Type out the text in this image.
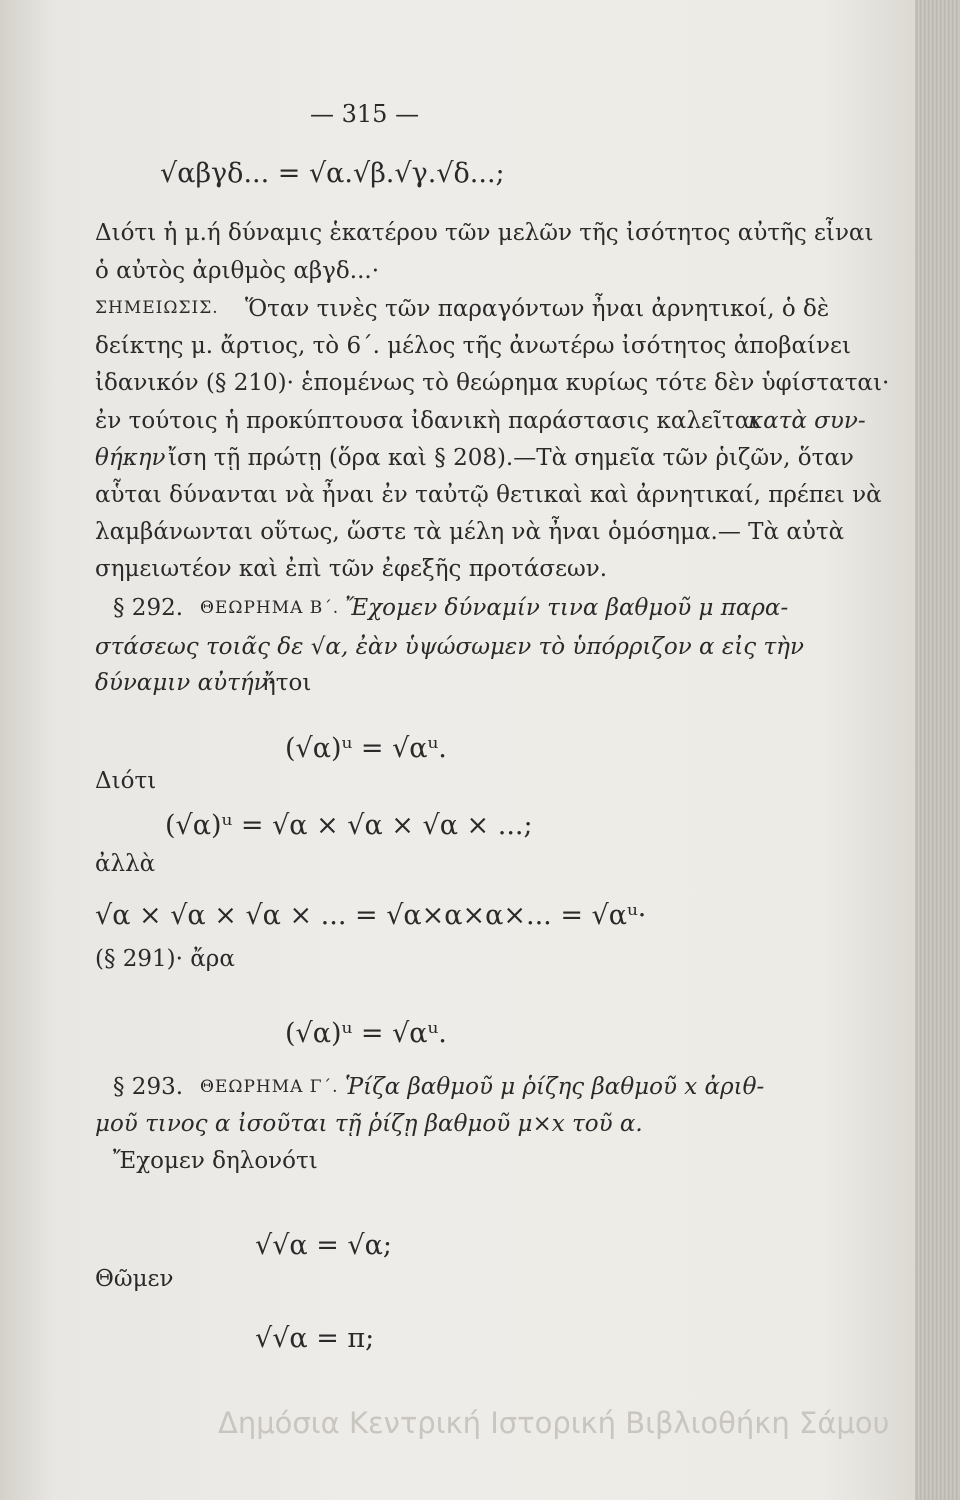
— 315 —
√αβγδ... = √α.√β.√γ.√δ...;
Διότι ἡ μ.ή δύναμις ἑκατέρου τῶν μελῶν τῆς ἰσότητος αὐτῆς εἶναι
ὁ αὐτὸς ἀριθμὸς αβγδ...·
ΣΗΜΕΙΩΣΙΣ. Ὅταν τινὲς τῶν παραγόντων ἦναι ἀρνητικοί, ὁ δὲ
δείκτης μ. ἄρτιος, τὸ 6΄. μέλος τῆς ἀνωτέρω ἰσότητος ἀποβαίνει
ἰδανικόν (§ 210)· ἑπομένως τὸ θεώρημα κυρίως τότε δὲν ὑφίσταται·
ἐν τούτοις ἡ προκύπτουσα ἰδανικὴ παράστασις καλεῖται
κατὰ συν-
θήκην ἴση τῇ πρώτῃ (ὅρα καὶ § 208).—Τὰ σημεῖα τῶν ῥιζῶν, ὅταν
αὗται δύνανται νὰ ἦναι ἐν ταὐτῷ θετικαὶ καὶ ἀρνητικαί, πρέπει νὰ
λαμβάνωνται οὕτως, ὥστε τὰ μέλη νὰ ἦναι ὁμόσημα.— Τὰ αὐτὰ
σημειωτέον καὶ ἐπὶ τῶν ἐφεξῆς προτάσεων.
§ 292. ΘΕΩΡΗΜΑ Β΄. Ἔχομεν δύναμίν τινα βαθμοῦ μ παρα-
στάσεως τοιᾶς δε √α, ἐὰν ὑψώσωμεν τὸ ὑπόρριζον α εἰς τὴν
δύναμιν αὐτήν·
ἤτοι
(√α)ᵘ = √αᵘ.
Διότι
(√α)ᵘ = √α × √α × √α × ...;
ἀλλὰ
√α × √α × √α × ... = √α×α×α×... = √αᵘ·
(§ 291)· ἄρα
(√α)ᵘ = √αᵘ.
§ 293. ΘΕΩΡΗΜΑ Γ΄. Ῥίζα βαθμοῦ μ ῥίζης βαθμοῦ x ἀριθ-
μοῦ τινος α ἰσοῦται τῇ ῥίζῃ βαθμοῦ μ×x τοῦ α.
Ἔχομεν δηλονότι
√√α = √α;
Θῶμεν
√√α = π;
Δημόσια Κεντρική Ιστορική Βιβλιοθήκη Σάμου
